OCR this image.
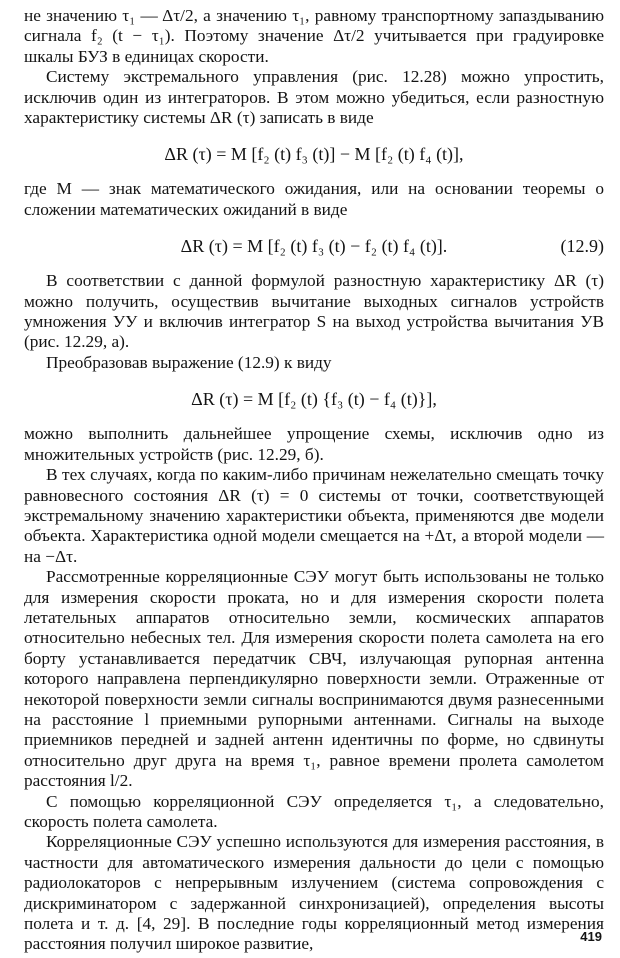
не значению τ₁ — Δτ/2, а значению τ₁, равному транспортному запаздыванию сигнала f₂ (t − τ₁). Поэтому значение Δτ/2 учитывается при градуировке шкалы БУЗ в единицах скорости.

Систему экстремального управления (рис. 12.28) можно упростить, исключив один из интеграторов. В этом можно убедиться, если разностную характеристику системы ΔR (τ) записать в виде

ΔR (τ) = M [f₂ (t) f₃ (t)] − M [f₂ (t) f₄ (t)],

где M — знак математического ожидания, или на основании теоремы о сложении математических ожиданий в виде

ΔR (τ) = M [f₂ (t) f₃ (t) − f₂ (t) f₄ (t)].	(12.9)

В соответствии с данной формулой разностную характеристику ΔR (τ) можно получить, осуществив вычитание выходных сигналов устройств умножения УУ и включив интегратор S на выход устройства вычитания УВ (рис. 12.29, а).

Преобразовав выражение (12.9) к виду

ΔR (τ) = M [f₂ (t) {f₃ (t) − f₄ (t)}],

можно выполнить дальнейшее упрощение схемы, исключив одно из множительных устройств (рис. 12.29, б).

В тех случаях, когда по каким-либо причинам нежелательно смещать точку равновесного состояния ΔR (τ) = 0 системы от точки, соответствующей экстремальному значению характеристики объекта, применяются две модели объекта. Характеристика одной модели смещается на +Δτ, а второй модели — на −Δτ.

Рассмотренные корреляционные СЭУ могут быть использованы не только для измерения скорости проката, но и для измерения скорости полета летательных аппаратов относительно земли, космических аппаратов относительно небесных тел. Для измерения скорости полета самолета на его борту устанавливается передатчик СВЧ, излучающая рупорная антенна которого направлена перпендикулярно поверхности земли. Отраженные от некоторой поверхности земли сигналы воспринимаются двумя разнесенными на расстояние l приемными рупорными антеннами. Сигналы на выходе приемников передней и задней антенн идентичны по форме, но сдвинуты относительно друг друга на время τ₁, равное времени пролета самолетом расстояния l/2.

С помощью корреляционной СЭУ определяется τ₁, а следовательно, скорость полета самолета.

Корреляционные СЭУ успешно используются для измерения расстояния, в частности для автоматического измерения дальности до цели с помощью радиолокаторов с непрерывным излучением (система сопровождения с дискриминатором с задержанной синхронизацией), определения высоты полета и т. д. [4, 29]. В последние годы корреляционный метод измерения расстояния получил широкое развитие,	419
